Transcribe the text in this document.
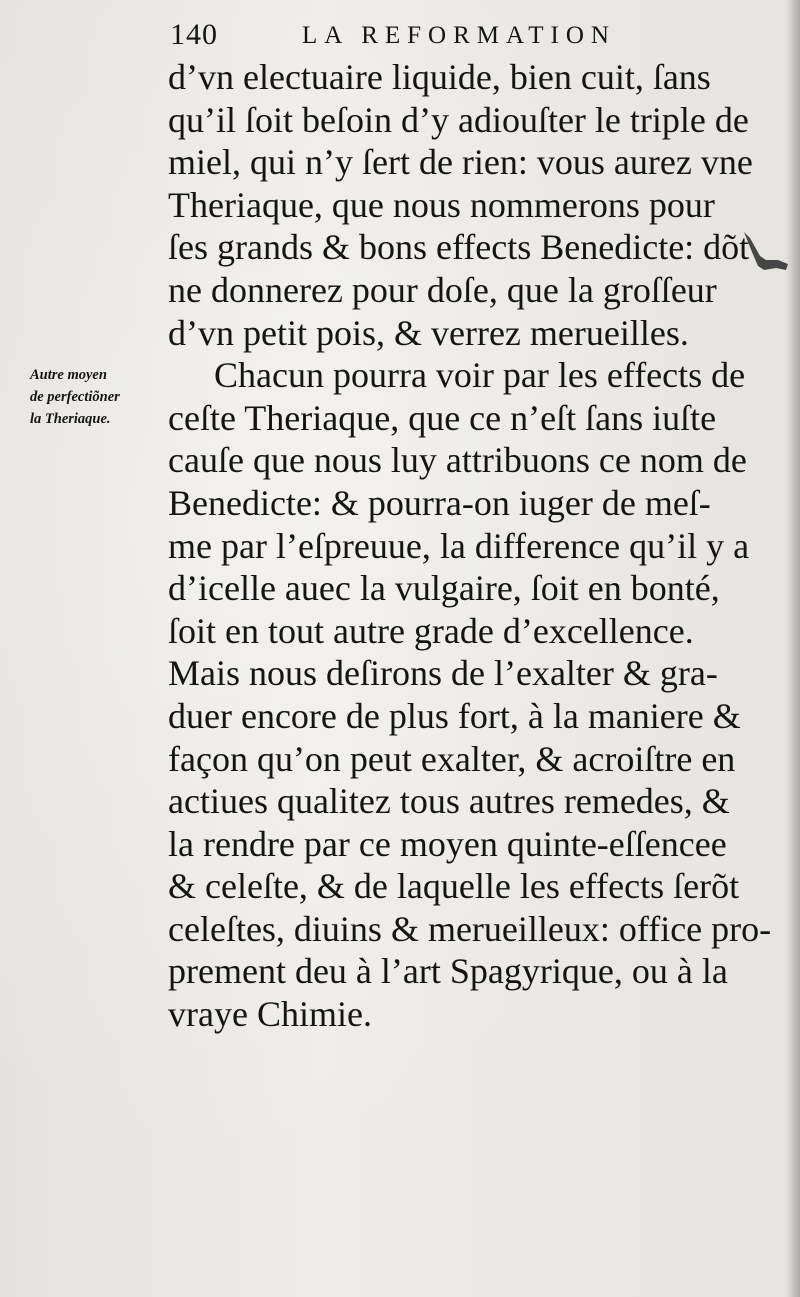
140	LA REFORMATION
Autre moyen
de perfectiõner
la Theriaque.
d’vn electuaire liquide, bien cuit, ſans
qu’il ſoit beſoin d’y adiouſter le triple de
miel, qui n’y ſert de rien: vous aurez vne
Theriaque, que nous nommerons pour
ſes grands & bons effects Benedicte: dõt
ne donnerez pour doſe, que la groſſeur
d’vn petit pois, & verrez merueilles.
Chacun pourra voir par les effects de
ceſte Theriaque, que ce n’eſt ſans iuſte
cauſe que nous luy attribuons ce nom de
Benedicte: & pourra-on iuger de meſ-
me par l’eſpreuue, la difference qu’il y a
d’icelle auec la vulgaire, ſoit en bonté,
ſoit en tout autre grade d’excellence.
Mais nous deſirons de l’exalter & gra-
duer encore de plus fort, à la maniere &
façon qu’on peut exalter, & acroiſtre en
actiues qualitez tous autres remedes, &
la rendre par ce moyen quinte-eſſencee
& celeſte, & de laquelle les effects ſerõt
celeſtes, diuins & merueilleux: office pro-
prement deu à l’art Spagyrique, ou à la
vraye Chimie.
